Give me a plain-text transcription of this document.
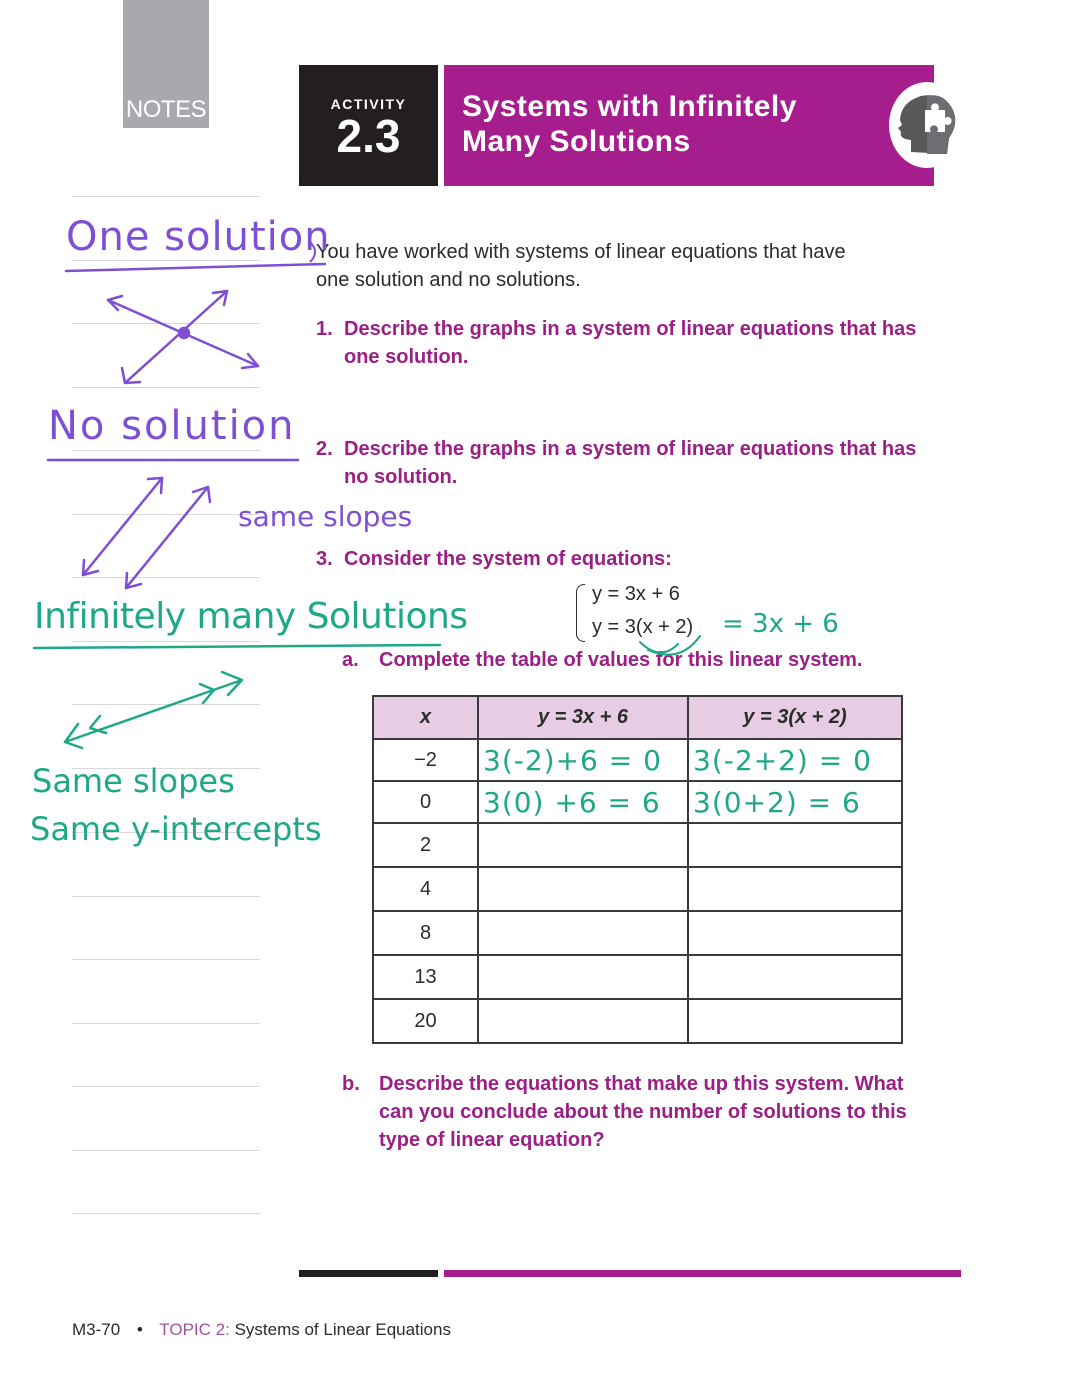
NOTES	ACTIVITY
2.3
Systems with Infinitely
Many Solutions
You have worked with systems of linear equations that have
one solution and no solutions.
1. Describe the graphs in a system of linear equations that has
one solution.
2. Describe the graphs in a system of linear equations that has
no solution.
3. Consider the system of equations:
y = 3x + 6
y = 3(x + 2) = 3x + 6
a. Complete the table of values for this linear system.
x	y = 3x + 6	y = 3(x + 2)
−2	3(-2)+6 = 0	3(-2+2) = 0
0	3(0) +6 = 6	3(0+2) = 6
2		
4		
8		
13		
20		
b. Describe the equations that make up this system. What
can you conclude about the number of solutions to this
type of linear equation?
M3-70 • TOPIC 2: Systems of Linear Equations
One solution
No solution
same slopes
Infinitely many Solutions
Same slopes
Same y-intercepts
